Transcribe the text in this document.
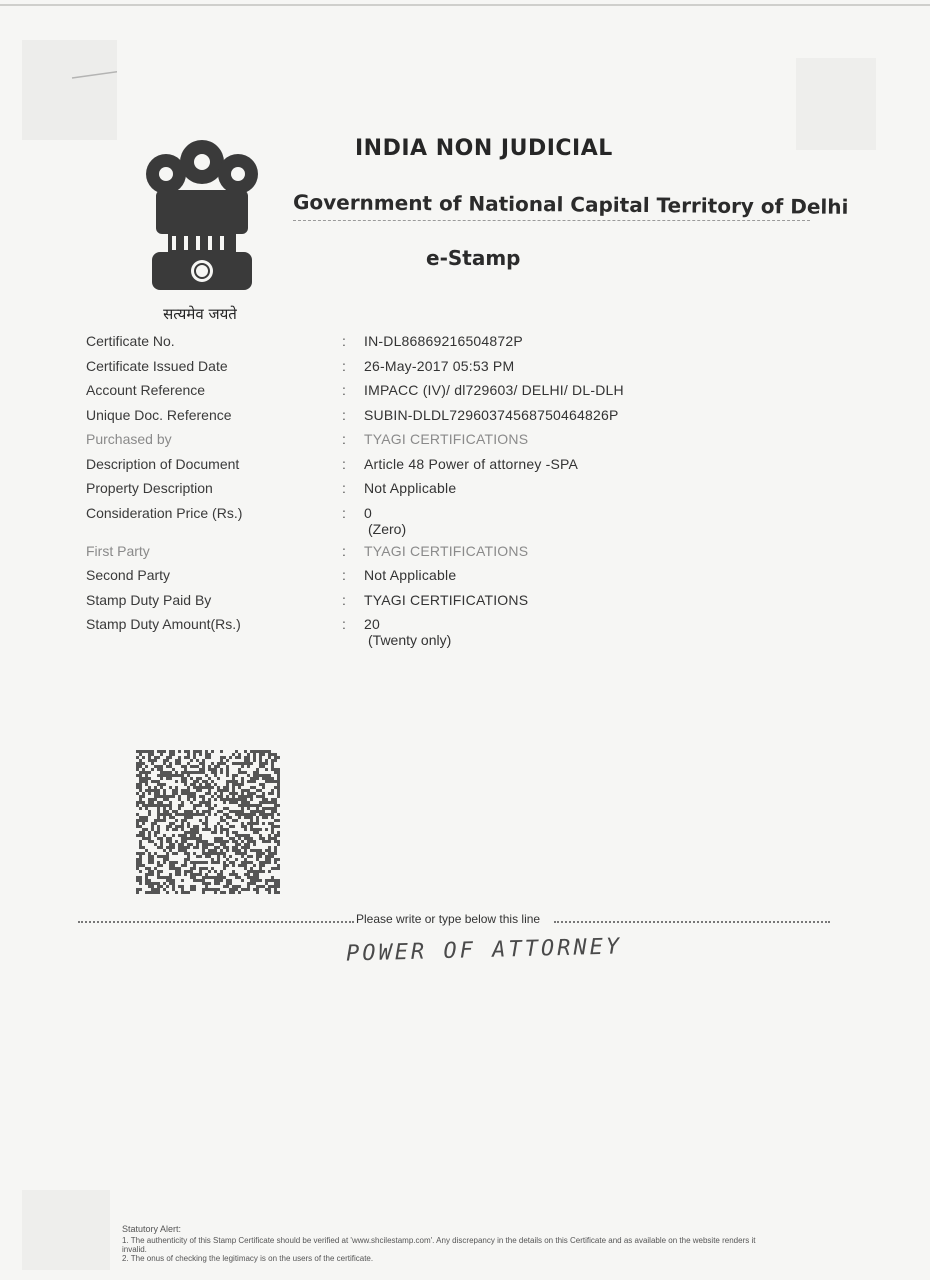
सत्यमेव जयते
INDIA NON JUDICIAL
Government of National Capital Territory of Delhi
e-Stamp
Certificate No.	: IN-DL86869216504872P
Certificate Issued Date	: 26-May-2017 05:53 PM
Account Reference	: IMPACC (IV)/ dl729603/ DELHI/ DL-DLH
Unique Doc. Reference	: SUBIN-DLDL72960374568750464826P
Purchased by	: TYAGI CERTIFICATIONS
Description of Document	: Article 48 Power of attorney -SPA
Property Description	: Not Applicable
Consideration Price (Rs.)	: 0
(Zero)
First Party	: TYAGI CERTIFICATIONS
Second Party	: Not Applicable
Stamp Duty Paid By	: TYAGI CERTIFICATIONS
Stamp Duty Amount(Rs.)	: 20
(Twenty only)
Please write or type below this line
POWER OF ATTORNEY
Statutory Alert:
1. The authenticity of this Stamp Certificate should be verified at 'www.shcilestamp.com'. Any discrepancy in the details on this Certificate and as available on the website renders it invalid.
2. The onus of checking the legitimacy is on the users of the certificate.
